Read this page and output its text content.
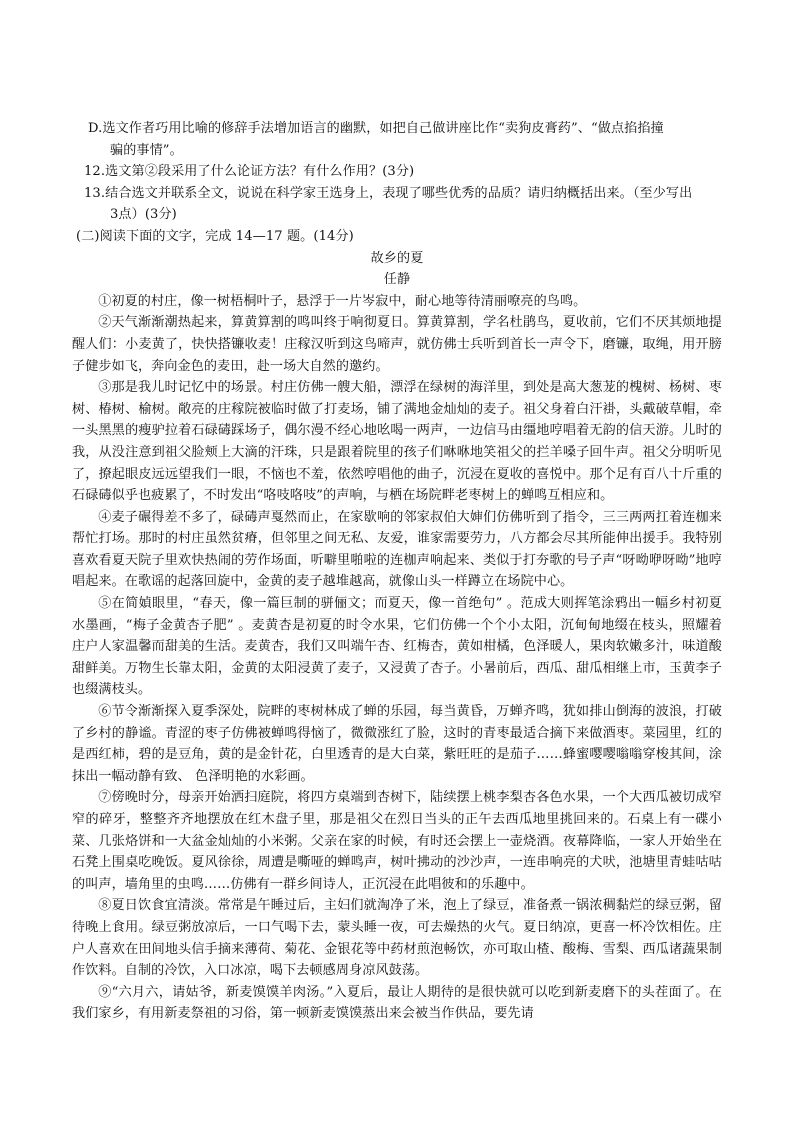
D.选文作者巧用比喻的修辞手法增加语言的幽默，如把自己做讲座比作“卖狗皮膏药”、“做点掐掐撞

骗的事情”。

12.选文第②段采用了什么论证方法？有什么作用？(3分)

13.结合选文并联系全文，说说在科学家王选身上，表现了哪些优秀的品质？请归纳概括出来。（至少写出

3点）(3分)

(二)阅读下面的文字，完成 14—17 题。(14分)

故乡的夏

任静

①初夏的村庄，像一树梧桐叶子，悬浮于一片岑寂中，耐心地等待清丽嘹亮的鸟鸣。

②天气渐渐潮热起来，算黄算割的鸣叫终于响彻夏日。算黄算割，学名杜鹃鸟，夏收前，它们不厌其烦地提醒人们：小麦黄了，快快搭镰收麦！庄稼汉听到这鸟啼声，就仿佛士兵听到首长一声令下，磨镰，取绳，用开膀子健步如飞，奔向金色的麦田，赴一场大自然的邀约。

③那是我儿时记忆中的场景。村庄仿佛一艘大船，漂浮在绿树的海洋里，到处是高大葱茏的槐树、杨树、枣树、椿树、榆树。敞亮的庄稼院被临时做了打麦场，铺了满地金灿灿的麦子。祖父身着白汗褂，头戴破草帽，牵一头黑黑的瘦驴拉着石碌碡踩场子，偶尔漫不经心地吆喝一两声，一边信马由缰地哼唱着无韵的信天游。儿时的我，从没注意到祖父脸颊上大滴的汗珠，只是跟着院里的孩子们咻咻地笑祖父的拦羊嗓子回牛声。祖父分明听见了，撩起眼皮远远望我们一眼，不恼也不羞，依然哼唱他的曲子，沉浸在夏收的喜悦中。那个足有百八十斤重的石碌碡似乎也疲累了，不时发出“咯吱咯吱”的声响，与栖在场院畔老枣树上的蝉鸣互相应和。

④麦子碾得差不多了，碌碡声戛然而止，在家歇响的邻家叔伯大婶们仿佛听到了指令，三三两两扛着连枷来帮忙打场。那时的村庄虽然贫瘠，但邻里之间无私、友爱，谁家需要劳力，八方都会尽其所能伸出援手。我特别喜欢看夏天院子里欢快热闹的劳作场面，听噼里啪啦的连枷声响起来、类似于打夯歌的号子声“呀呦咿呀呦”地哼唱起来。在歌谣的起落回旋中，金黄的麦子越堆越高，就像山头一样蹲立在场院中心。

⑤在简媜眼里，“春天，像一篇巨制的骈俪文；而夏天，像一首绝句” 。范成大则挥笔涂鸦出一幅乡村初夏水墨画，“梅子金黄杏子肥” 。麦黄杏是初夏的时令水果，它们仿佛一个个小太阳，沉甸甸地缀在枝头，照耀着庄户人家温馨而甜美的生活。麦黄杏，我们又叫端午杏、红梅杏，黄如柑橘，色泽暖人，果肉软嫩多汁，味道酸甜鲜美。万物生长靠太阳，金黄的太阳浸黄了麦子，又浸黄了杏子。小暑前后，西瓜、甜瓜相继上市，玉黄李子也缀满枝头。

⑥节令渐渐探入夏季深处，院畔的枣树林成了蝉的乐园，每当黄昏，万蝉齐鸣，犹如排山倒海的波浪，打破了乡村的静谧。青涩的枣子仿佛被蝉鸣得恼了，微微涨红了脸，这时的青枣最适合摘下来做酒枣。菜园里，红的是西红柿，碧的是豆角，黄的是金针花，白里透青的是大白菜，紫旺旺的是茄子……蜂蜜嘤嘤嗡嗡穿梭其间，涂抹出一幅动静有致、 色泽明艳的水彩画。

⑦傍晚时分，母亲开始洒扫庭院，将四方桌端到杏树下，陆续摆上桃李梨杏各色水果，一个大西瓜被切成窄窄的碎牙，整整齐齐地摆放在红木盘子里，那是祖父在烈日当头的正午去西瓜地里挑回来的。石桌上有一碟小菜、几张烙饼和一大盆金灿灿的小米粥。父亲在家的时候，有时还会摆上一壶烧酒。夜幕降临，一家人开始坐在石凳上围桌吃晚饭。夏风徐徐，周遭是嘶哑的蝉鸣声，树叶拂动的沙沙声，一连串响亮的犬吠，池塘里青蛙咕咕的叫声，墙角里的虫鸣……仿佛有一群乡间诗人，正沉浸在此唱彼和的乐趣中。

⑧夏日饮食宜清淡。常常是午睡过后，主妇们就淘净了米，泡上了绿豆，准备煮一锅浓稠黏烂的绿豆粥，留待晚上食用。绿豆粥放凉后，一口气喝下去，蒙头睡一夜，可去燥热的火气。夏日纳凉，更喜一杯冷饮相佐。庄户人喜欢在田间地头信手摘来薄荷、菊花、金银花等中药材煎泡畅饮，亦可取山楂、酸梅、雪梨、西瓜诸蔬果制作饮料。自制的冷饮，入口冰凉，喝下去顿感周身凉风鼓荡。

⑨“六月六，请姑爷，新麦馍馍羊肉汤。”入夏后，最让人期待的是很快就可以吃到新麦磨下的头茬面了。在我们家乡，有用新麦祭祖的习俗，第一顿新麦馍馍蒸出来会被当作供品，要先请
